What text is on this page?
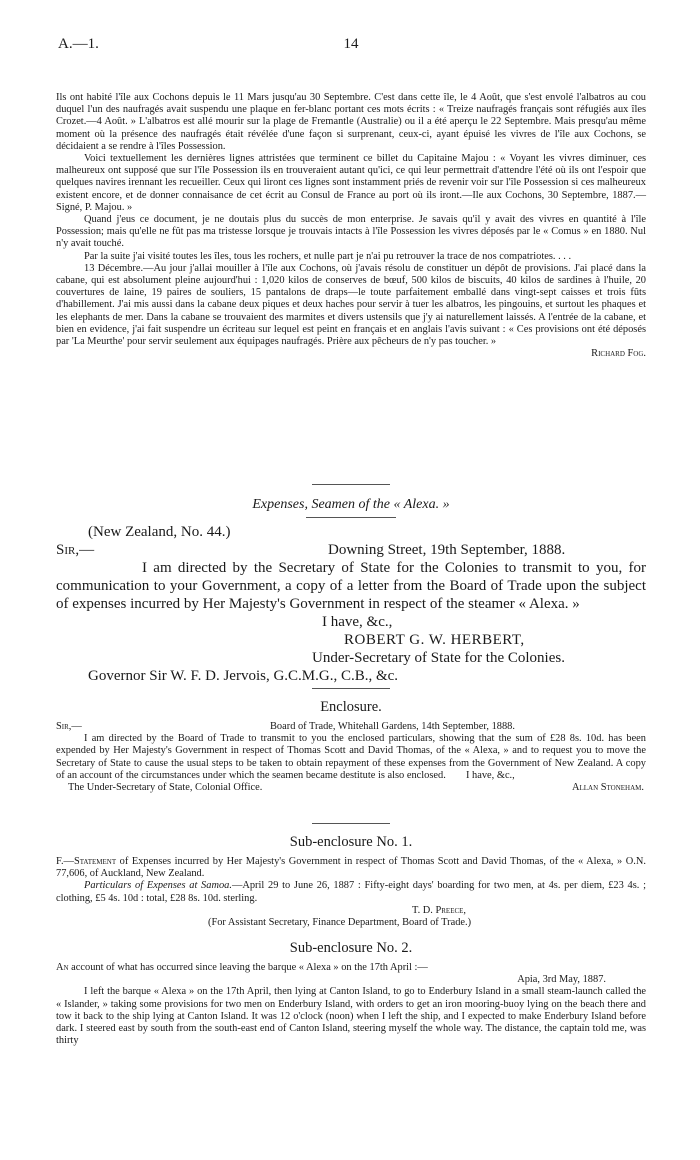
A.—1.	14

Ils ont habité l'île aux Cochons depuis le 11 Mars jusqu'au 30 Septembre. C'est dans cette île, le 4 Août, que s'est envolé l'albatros au cou duquel l'un des naufragés avait suspendu une plaque en fer-blanc portant ces mots écrits : « Treize naufragés français sont réfugiés aux îles Crozet.—4 Août. » L'albatros est allé mourir sur la plage de Fremantle (Australie) ou il a été aperçu le 22 Septembre. Mais presqu'au même moment où la présence des naufragés était révélée d'une façon si surprenant, ceux-ci, ayant épuisé les vivres de l'île aux Cochons, se décidaient a se rendre à l'îles Possession.

Voici textuellement les dernières lignes attristées que terminent ce billet du Capitaine Majou : « Voyant les vivres diminuer, ces malheureux ont supposé que sur l'île Possession ils en trouveraient autant qu'ici, ce qui leur permettrait d'attendre l'été où ils ont l'espoir que quelques navires irennant les recueiller. Ceux qui liront ces lignes sont instamment priés de revenir voir sur l'île Possession si ces malheureux existent encore, et de donner connaisance de cet écrit au Consul de France au port où ils iront.—Ile aux Cochons, 30 Septembre, 1887.—Signé, P. Majou. »

Quand j'eus ce document, je ne doutais plus du succès de mon enterprise. Je savais qu'il y avait des vivres en quantité à l'île Possession; mais qu'elle ne fût pas ma tristesse lorsque je trouvais intacts à l'île Possession les vivres déposés par le « Comus » en 1880. Nul n'y avait touché.

Par la suite j'ai visité toutes les îles, tous les rochers, et nulle part je n'ai pu retrouver la trace de nos compatriotes. . . .

Richard Fog.

13 Décembre.—Au jour j'allai mouiller à l'île aux Cochons, où j'avais résolu de constituer un dépôt de provisions. J'ai placé dans la cabane, qui est absolument pleine aujourd'hui : 1,020 kilos de conserves de bœuf, 500 kilos de biscuits, 40 kilos de sardines à l'huile, 20 couvertures de laine, 19 paires de souliers, 15 pantalons de draps—le toute parfaitement emballé dans vingt-sept caisses et trois fûts d'habillement. J'ai mis aussi dans la cabane deux piques et deux haches pour servir à tuer les albatros, les pingouins, et surtout les phaques et les elephants de mer. Dans la cabane se trouvaient des marmites et divers ustensils que j'y ai naturellement laissés. A l'entrée de la cabane, et bien en evidence, j'ai fait suspendre un écriteau sur lequel est peint en français et en anglais l'avis suivant : « Ces provisions ont été déposés par 'La Meurthe' pour servir seulement aux équipages naufragés. Prière aux pêcheurs de n'y pas toucher. »

Expenses, Seamen of the « Alexa. »
(New Zealand, No. 44.)
Sir,—	Downing Street, 19th September, 1888.

I am directed by the Secretary of State for the Colonies to transmit to you, for communication to your Government, a copy of a letter from the Board of Trade upon the subject of expenses incurred by Her Majesty's Government in respect of the steamer « Alexa. »

I have, &c.,
ROBERT G. W. HERBERT,
Under-Secretary of State for the Colonies.
Governor Sir W. F. D. Jervois, G.C.M.G., C.B., &c.
Enclosure.
Sir,—	Board of Trade, Whitehall Gardens, 14th September, 1888.

I am directed by the Board of Trade to transmit to you the enclosed particulars, showing that the sum of £28 8s. 10d. has been expended by Her Majesty's Government in respect of Thomas Scott and David Thomas, of the « Alexa, » and to request you to move the Secretary of State to cause the usual steps to be taken to obtain repayment of these expenses from the Government of New Zealand. A copy of an account of the circumstances under which the seamen became destitute is also enclosed.	I have, &c.,
The Under-Secretary of State, Colonial Office.	Allan Stoneham.
Sub-enclosure No. 1.

F.—Statement of Expenses incurred by Her Majesty's Government in respect of Thomas Scott and David Thomas, of the « Alexa, » O.N. 77,606, of Auckland, New Zealand.

Particulars of Expenses at Samoa.—April 29 to June 26, 1887 : Fifty-eight days' boarding for two men, at 4s. per diem, £23 4s. ; clothing, £5 4s. 10d : total, £28 8s. 10d. sterling.

T. D. Preece,
(For Assistant Secretary, Finance Department, Board of Trade.)
Sub-enclosure No. 2.

An account of what has occurred since leaving the barque « Alexa » on the 17th April :—

Apia, 3rd May, 1887.

I left the barque « Alexa » on the 17th April, then lying at Canton Island, to go to Enderbury Island in a small steam-launch called the « Islander, » taking some provisions for two men on Enderbury Island, with orders to get an iron mooring-buoy lying on the beach there and tow it back to the ship lying at Canton Island. It was 12 o'clock (noon) when I left the ship, and I expected to make Enderbury Island before dark. I steered east by south from the south-east end of Canton Island, steering myself the whole way. The distance, the captain told me, was thirty
